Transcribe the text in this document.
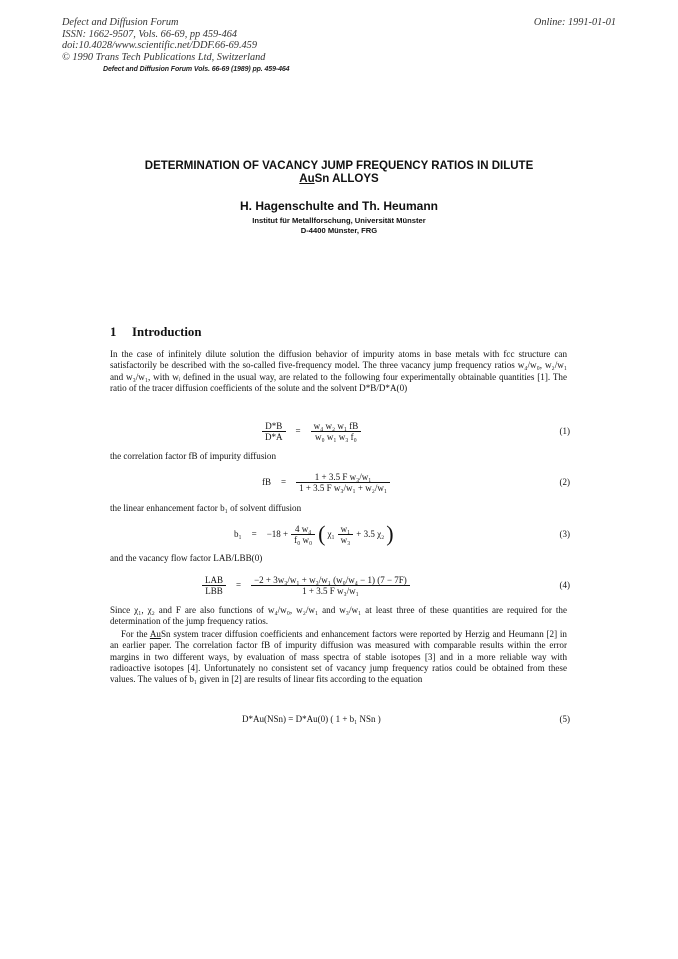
Defect and Diffusion Forum
ISSN: 1662-9507, Vols. 66-69, pp 459-464
doi:10.4028/www.scientific.net/DDF.66-69.459
© 1990 Trans Tech Publications Ltd, Switzerland
Online: 1991-01-01
Defect and Diffusion Forum Vols. 66-69 (1989) pp. 459-464
DETERMINATION OF VACANCY JUMP FREQUENCY RATIOS IN DILUTE
AuSn ALLOYS
H. Hagenschulte and Th. Heumann
Institut für Metallforschung, Universität Münster
D-4400 Münster, FRG
1 Introduction
In the case of infinitely dilute solution the diffusion behavior of impurity atoms in base metals with fcc structure can satisfactorily be described with the so-called five-frequency model. The three vacancy jump frequency ratios w₄/w₀, w₂/w₁ and w₃/w₁, with wᵢ defined in the usual way, are related to the following four experimentally obtainable quantities [1]. The ratio of the tracer diffusion coefficients of the solute and the solvent D*B/D*A(0)
$\frac{D*B}{D*A} = \frac{\text{w₄ w₂ w₁ fB}}{\text{w₀ w₁ w₃ f₀}}$	(1)
the correlation factor fB of impurity diffusion
fB = $\frac{\text{1 + 3.5 F w₃/w₁}}{\text{1 + 3.5 F w₃/w₁ + w₂/w₁}}$	(2)
the linear enhancement factor b₁ of solvent diffusion
$b_1 = -18 + \frac{\text{4 w₄}}{\text{f₀ w₀}}$ ( $\chi_1 \frac{\text{w₁}}{\text{w₃}} + 3.5$ χ₂ )	(3)
and the vacancy flow factor LAB/LBB(0)
$\frac{\text{LAB}}{\text{LBB}} = \frac{\text{−2 + 3w₃/w₁ + w₃/w₁ (w₀/w₄ − 1) (7 − 7F)}}{\text{1 + 3.5 F w₃/w₁}}$	(4)
Since χ₁, χ₂ and F are also functions of w₄/w₀, w₂/w₁ and w₃/w₁ at least three of these quantities are required for the determination of the jump frequency ratios.
For the AuSn system tracer diffusion coefficients and enhancement factors were reported by Herzig and Heumann [2] in an earlier paper. The correlation factor fB of impurity diffusion was measured with comparable results within the error margins in two different ways, by evaluation of mass spectra of stable isotopes [3] and in a more reliable way with radioactive isotopes [4]. Unfortunately no consistent set of vacancy jump frequency ratios could be obtained from these values. The values of b₁ given in [2] are results of linear fits according to the equation
D*Au(NSn) = D*Au(0) ( 1 + b₁ NSn )	(5)
